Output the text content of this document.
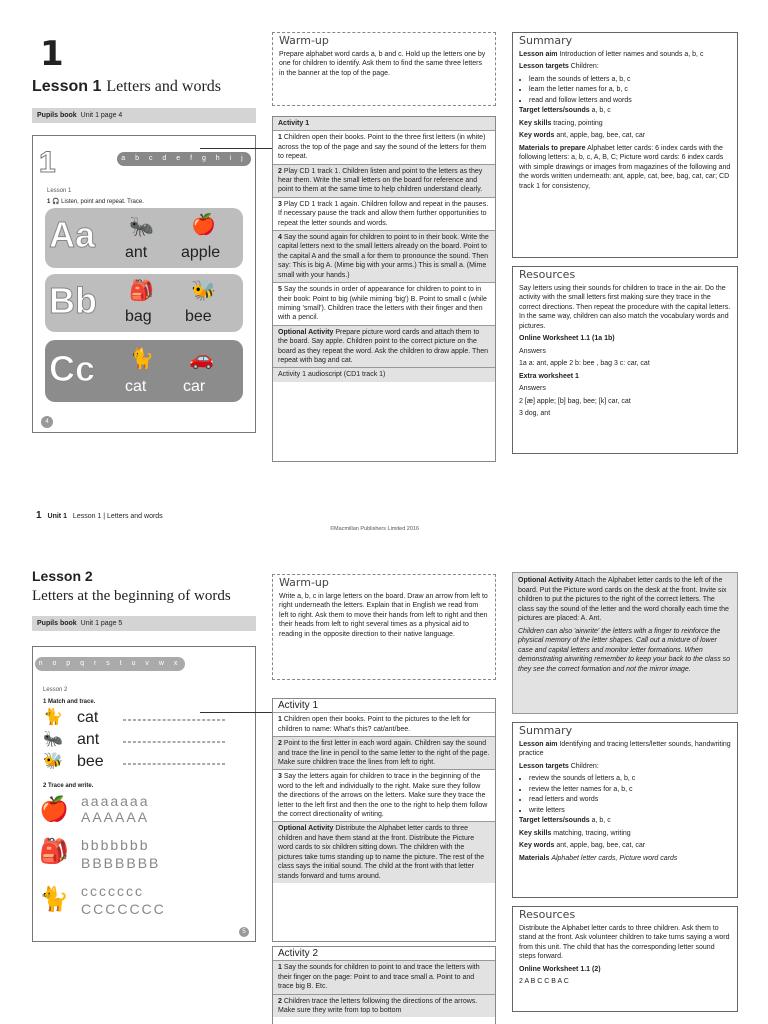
1
Lesson 1 Letters and words
Pupils book Unit 1 page 4
1	a b c d e f g h i j k l m
Lesson 1
1 🎧 Listen, point and repeat. Trace.
Aa 🐜
ant
🍎
apple
Bb 🎒
bag
🐝
bee
Cc 🐈
cat
🚗
car
4
Warm-up
Prepare alphabet word cards a, b and c. Hold up the letters one by one for children to identify. Ask them to find the same three letters in the banner at the top of the page.
Activity 1
1 Children open their books. Point to the three first letters (in white) across the top of the page and say the sound of the letters for them to repeat.
2 Play CD 1 track 1. Children listen and point to the letters as they hear them. Write the small letters on the board for reference and point to them at the same time to help children understand clearly.
3 Play CD 1 track 1 again. Children follow and repeat in the pauses. If necessary pause the track and allow them further opportunities to repeat the letter sounds and words.
4 Say the sound again for children to point to in their book. Write the capital letters next to the small letters already on the board. Point to the capital A and the small a for them to pronounce the sound. Then say: This is big A. (Mime big with your arms.) This is small a. (Mime small with your hands.)
5 Say the sounds in order of appearance for children to point to in their book: Point to big (while miming 'big') B. Point to small c (while miming 'small'). Children trace the letters with their finger and then with a pencil.
Optional Activity Prepare picture word cards and attach them to the board. Say apple. Children point to the correct picture on the board as they repeat the word. Ask the children to draw apple. Then repeat with bag and cat.
Activity 1 audioscript (CD1 track 1)
Summary

Lesson aim Introduction of letter names and sounds a, b, c

Lesson targets Children:

• learn the sounds of letters a, b, c
• learn the letter names for a, b, c
• read and follow letters and words

Target letters/sounds a, b, c

Key skills tracing, pointing

Key words ant, apple, bag, bee, cat, car

Materials to prepare Alphabet letter cards: 6 index cards with the following letters: a, b, c, A, B, C; Picture word cards: 6 index cards with simple drawings or images from magazines of the following and the words written underneath: ant, apple, cat, bee, bag, cat, car; CD track 1 for consistency,

Resources

Say letters using their sounds for children to trace in the air. Do the activity with the small letters first making sure they trace in the correct directions. Then repeat the procedure with the capital letters. In the same way, children can also match the vocabulary words and pictures.

Online Worksheet 1.1 (1a 1b)

Answers

1a a: ant, apple 2 b: bee , bag 3 c: car, cat

Extra worksheet 1

Answers

2 [æ] apple; [b] bag, bee; [k] car, cat

3 dog, ant

1 Unit 1 Lesson 1 | Letters and words
©Macmillan Publishers Limited 2016
Lesson 2
Letters at the beginning of words
Pupils book Unit 1 page 5
n o p q r s t u v w x y z
Lesson 2
1 Match and trace.
🐈 cat
🐜 ant
🐝 bee
2 Trace and write.
🍎 aaaaaaa
AAAAAA
🎒 bbbbbbb
BBBBBBB
🐈 ccccccc
CCCCCCC
5
Warm-up
Write a, b, c in large letters on the board. Draw an arrow from left to right underneath the letters. Explain that in English we read from left to right. Ask them to move their hands from left to right and then their heads from left to right several times as a physical aid to reading in the opposite direction to their native language.
Activity 1
1 Children open their books. Point to the pictures to the left for children to name: What's this? cat/ant/bee.
2 Point to the first letter in each word again. Children say the sound and trace the line in pencil to the same letter to the right of the page. Make sure children trace the lines from left to right.
3 Say the letters again for children to trace in the beginning of the word to the left and individually to the right. Make sure they follow the directions of the arrows on the letters. Make sure they trace the letter to the left first and then the one to the right to help them follow the correct directionality of writing.
Optional Activity Distribute the Alphabet letter cards to three children and have them stand at the front. Distribute the Picture word cards to six children sitting down. The children with the pictures take turns standing up to name the picture. The rest of the class says the initial sound. The child at the front with that letter stands forward and turns around.
Activity 2
1 Say the sounds for children to point to and trace the letters with their finger on the page: Point to and trace small a. Point to and trace big B. Etc.
2 Children trace the letters following the directions of the arrows. Make sure they write from top to bottom

Optional Activity Attach the Alphabet letter cards to the left of the board. Put the Picture word cards on the desk at the front. Invite six children to put the pictures to the right of the correct letters. The class say the sound of the letter and the word chorally each time the pictures are placed: A. Ant.

Children can also 'airwrite' the letters with a finger to reinforce the physical memory of the letter shapes. Call out a mixture of lower case and capital letters and monitor letter formations. When demonstrating airwriting remember to keep your back to the class so they see the correct formation and not the mirror image.

Summary

Lesson aim Identifying and tracing letters/letter sounds, handwriting practice

Lesson targets Children:

• review the sounds of letters a, b, c
• review the letter names for a, b, c
• read letters and words
• write letters

Target letters/sounds a, b, c

Key skills matching, tracing, writing

Key words ant, apple, bag, bee, cat, car

Materials Alphabet letter cards, Picture word cards

Resources

Distribute the Alphabet letter cards to three children. Ask them to stand at the front. Ask volunteer children to take turns saying a word from this unit. The child that has the corresponding letter sound steps forward.

Online Worksheet 1.1 (2)

2 A B C C B A C
